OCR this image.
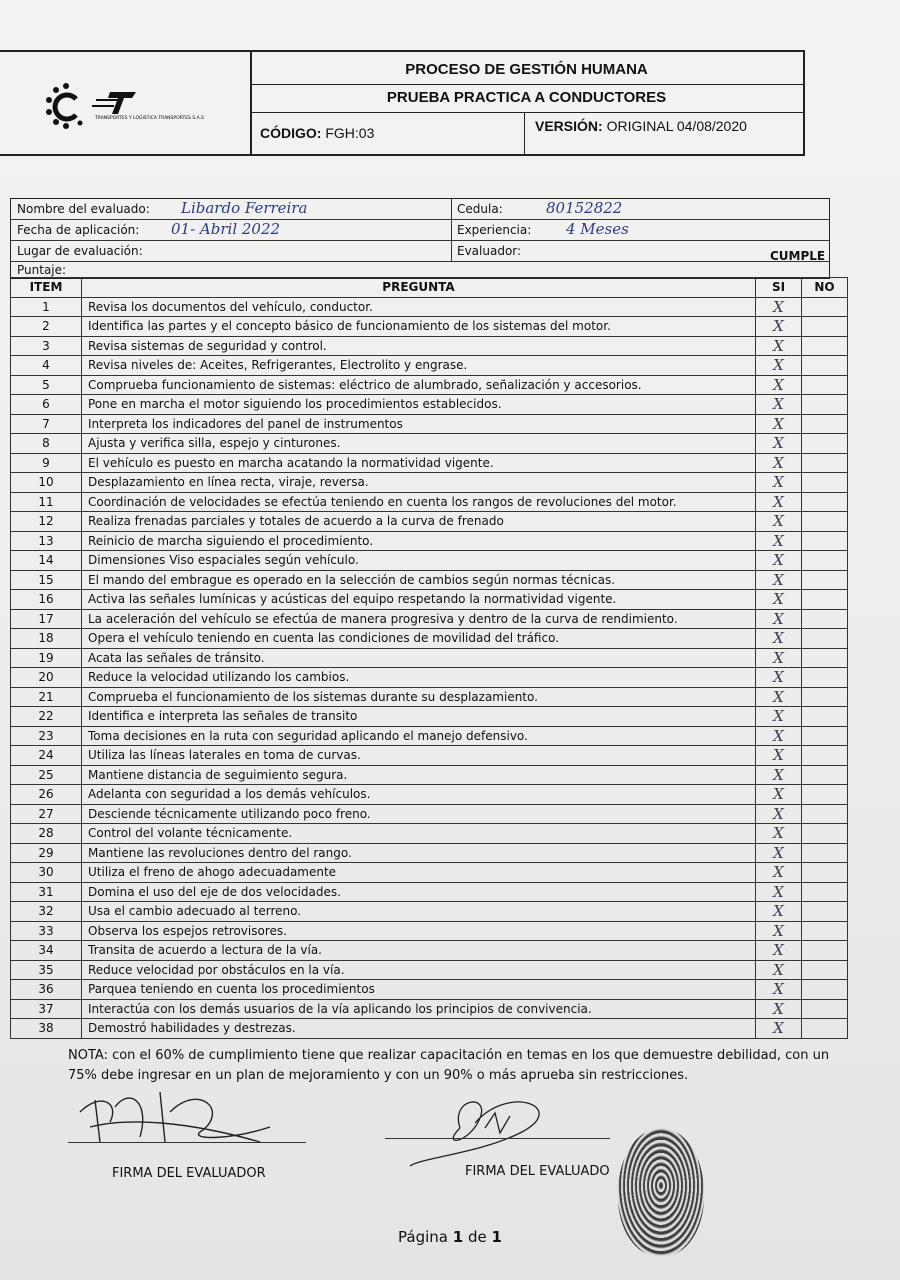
TRANSPORTES Y LOGISTICA TRANSPORTES S.A.S
PROCESO DE GESTIÓN HUMANA
PRUEBA PRACTICA A CONDUCTORES
CÓDIGO: FGH:03	VERSIÓN: ORIGINAL 04/08/2020
Nombre del evaluado: Libardo Ferreira	Cedula:	80152822
Fecha de aplicación: 01- Abril 2022	Experiencia: 4 Meses
Lugar de evaluación:	Evaluador:
Puntaje:
CUMPLE
ITEM	PREGUNTA	SI	NO
1	Revisa los documentos del vehículo, conductor.	X	
2	Identifica las partes y el concepto básico de funcionamiento de los sistemas del motor.	X	
3	Revisa sistemas de seguridad y control.	X	
4	Revisa niveles de: Aceites, Refrigerantes, Electrolito y engrase.	X	
5	Comprueba funcionamiento de sistemas: eléctrico de alumbrado, señalización y accesorios.	X	
6	Pone en marcha el motor siguiendo los procedimientos establecidos.	X	
7	Interpreta los indicadores del panel de instrumentos	X	
8	Ajusta y verifica silla, espejo y cinturones.	X	
9	El vehículo es puesto en marcha acatando la normatividad vigente.	X	
10	Desplazamiento en línea recta, viraje, reversa.	X	
11	Coordinación de velocidades se efectúa teniendo en cuenta los rangos de revoluciones del motor.	X	
12	Realiza frenadas parciales y totales de acuerdo a la curva de frenado	X	
13	Reinicio de marcha siguiendo el procedimiento.	X	
14	Dimensiones Viso espaciales según vehículo.	X	
15	El mando del embrague es operado en la selección de cambios según normas técnicas.	X	
16	Activa las señales lumínicas y acústicas del equipo respetando la normatividad vigente.	X	
17	La aceleración del vehículo se efectúa de manera progresiva y dentro de la curva de rendimiento.	X	
18	Opera el vehículo teniendo en cuenta las condiciones de movilidad del tráfico.	X	
19	Acata las señales de tránsito.	X	
20	Reduce la velocidad utilizando los cambios.	X	
21	Comprueba el funcionamiento de los sistemas durante su desplazamiento.	X	
22	Identifica e interpreta las señales de transito	X	
23	Toma decisiones en la ruta con seguridad aplicando el manejo defensivo.	X	
24	Utiliza las líneas laterales en toma de curvas.	X	
25	Mantiene distancia de seguimiento segura.	X	
26	Adelanta con seguridad a los demás vehículos.	X	
27	Desciende técnicamente utilizando poco freno.	X	
28	Control del volante técnicamente.	X	
29	Mantiene las revoluciones dentro del rango.	X	
30	Utiliza el freno de ahogo adecuadamente	X	
31	Domina el uso del eje de dos velocidades.	X	
32	Usa el cambio adecuado al terreno.	X	
33	Observa los espejos retrovisores.	X	
34	Transita de acuerdo a lectura de la vía.	X	
35	Reduce velocidad por obstáculos en la vía.	X	
36	Parquea teniendo en cuenta los procedimientos	X	
37	Interactúa con los demás usuarios de la vía aplicando los principios de convivencia.	X	
38	Demostró habilidades y destrezas.	X	
NOTA: con el 60% de cumplimiento tiene que realizar capacitación en temas en los que demuestre debilidad, con un 75% debe ingresar en un plan de mejoramiento y con un 90% o más aprueba sin restricciones.
FIRMA DEL EVALUADOR	FIRMA DEL EVALUADO
Página 1 de 1
